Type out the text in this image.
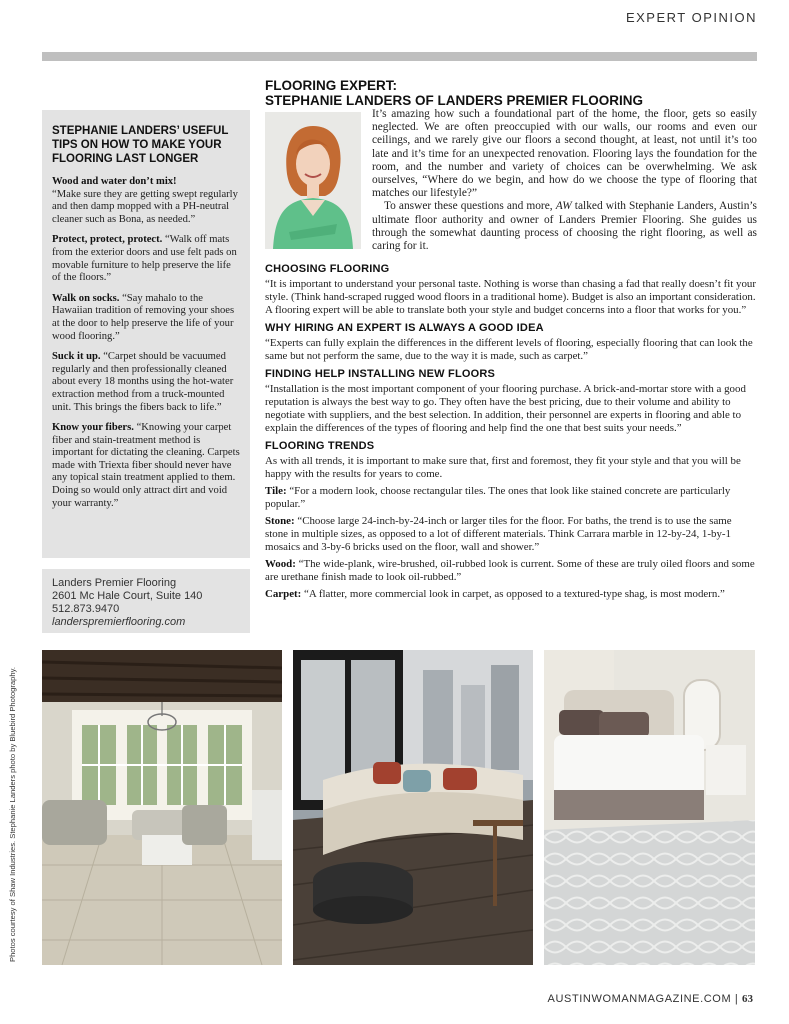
EXPERT OPINION
STEPHANIE LANDERS’ USEFUL TIPS ON HOW TO MAKE YOUR FLOORING LAST LONGER
Wood and water don’t mix!
“Make sure they are getting swept regularly and then damp mopped with a PH-neutral cleaner such as Bona, as needed.”
Protect, protect, protect. “Walk off mats from the exterior doors and use felt pads on movable furniture to help preserve the life of the floors.”
Walk on socks. “Say mahalo to the Hawaiian tradition of removing your shoes at the door to help preserve the life of your wood flooring.”
Suck it up. “Carpet should be vacuumed regularly and then professionally cleaned about every 18 months using the hot-water extraction method from a truck-mounted unit. This brings the fibers back to life.”
Know your fibers. “Knowing your carpet fiber and stain-treatment method is important for dictating the cleaning. Carpets made with Triexta fiber should never have any topical stain treatment applied to them. Doing so would only attract dirt and void your warranty.”
Landers Premier Flooring
2601 Mc Hale Court, Suite 140
512.873.9470
landerspremierflooring.com
Photos courtesy of Shaw Industries. Stephanie Landers photo by Bluebird Photography.
FLOORING EXPERT:
STEPHANIE LANDERS OF LANDERS PREMIER FLOORING

It’s amazing how such a foundational part of the home, the floor, gets so easily neglected. We are often preoccupied with our walls, our rooms and even our ceilings, and we rarely give our floors a second thought, at least, not until it’s too late and it’s time for an unexpected renovation. Flooring lays the foundation for the room, and the number and variety of choices can be overwhelming. We ask ourselves, “Where do we begin, and how do we choose the type of flooring that matches our lifestyle?”

To answer these questions and more, AW talked with Stephanie Landers, Austin’s ultimate floor authority and owner of Landers Premier Flooring. She guides us through the somewhat daunting process of choosing the right flooring, as well as caring for it.

CHOOSING FLOORING

“It is important to understand your personal taste. Nothing is worse than chasing a fad that really doesn’t fit your style. (Think hand-scraped rugged wood floors in a traditional home). Budget is also an important consideration. A flooring expert will be able to translate both your style and budget concerns into a floor that works for you.”

WHY HIRING AN EXPERT IS ALWAYS A GOOD IDEA

“Experts can fully explain the differences in the different levels of flooring, especially flooring that can look the same but not perform the same, due to the way it is made, such as carpet.”

FINDING HELP INSTALLING NEW FLOORS

“Installation is the most important component of your flooring purchase. A brick-and-mortar store with a good reputation is always the best way to go. They often have the best pricing, due to their volume and ability to negotiate with suppliers, and the best selection. In addition, their personnel are experts in flooring and able to explain the differences of the types of flooring and help find the one that best suits your needs.”

FLOORING TRENDS

As with all trends, it is important to make sure that, first and foremost, they fit your style and that you will be happy with the results for years to come.

Tile: “For a modern look, choose rectangular tiles. The ones that look like stained concrete are particularly popular.”

Stone: “Choose large 24-inch-by-24-inch or larger tiles for the floor. For baths, the trend is to use the same stone in multiple sizes, as opposed to a lot of different materials. Think Carrara marble in 12-by-24, 1-by-1 mosaics and 3-by-6 bricks used on the floor, wall and shower.”

Wood: “The wide-plank, wire-brushed, oil-rubbed look is current. Some of these are truly oiled floors and some are urethane finish made to look oil-rubbed.”

Carpet: “A flatter, more commercial look in carpet, as opposed to a textured-type shag, is most modern.”

AUSTINWOMANMAGAZINE.COM | 63
